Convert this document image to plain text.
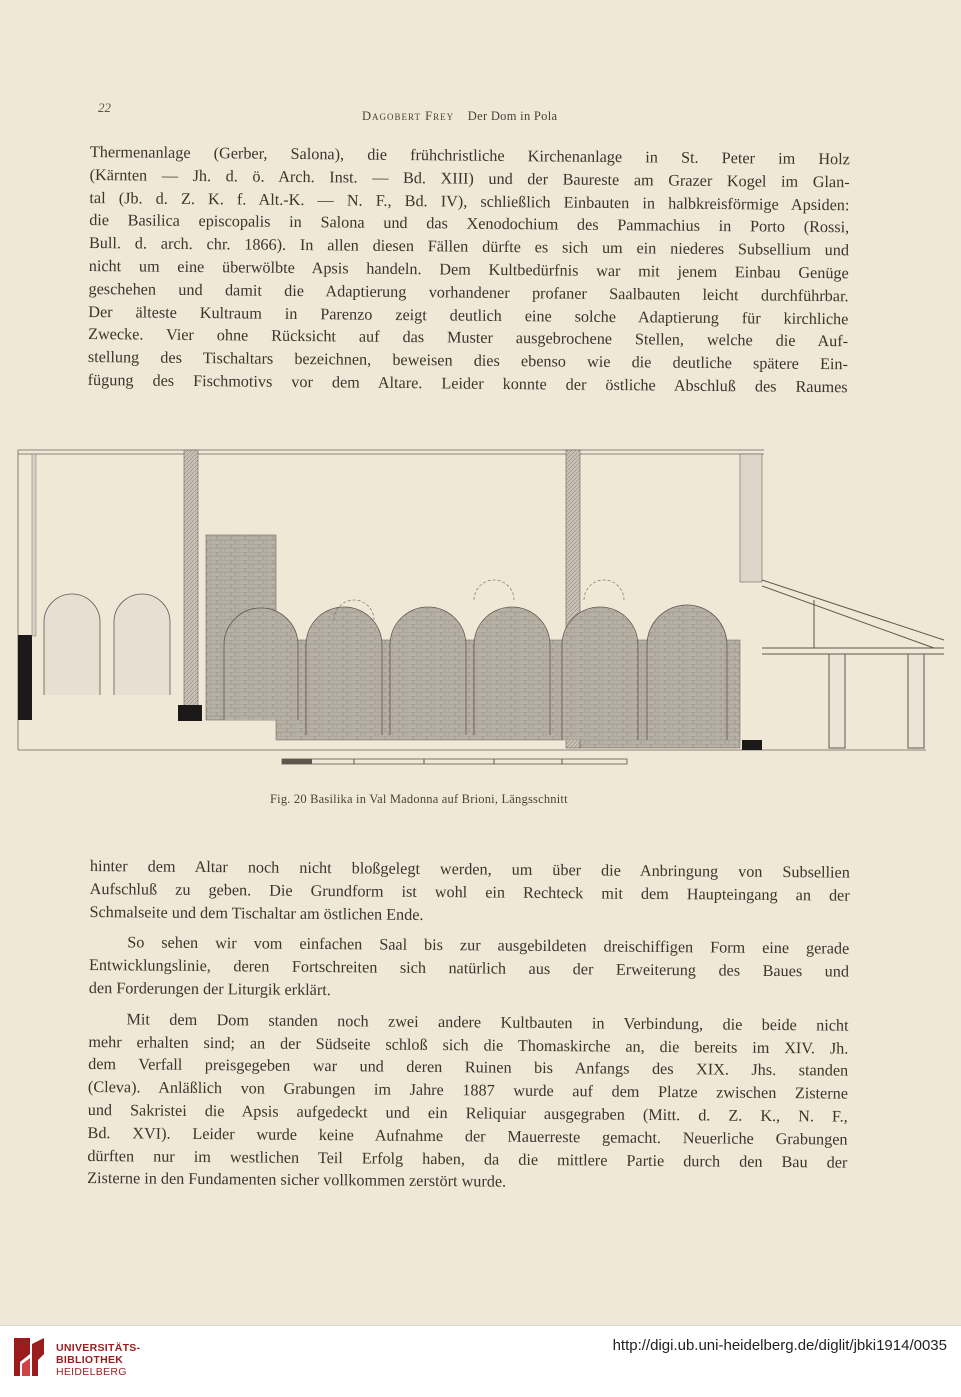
22
Dagobert Frey Der Dom in Pola
Thermenanlage (Gerber, Salona), die frühchristliche Kirchenanlage in St. Peter im Holz
(Kärnten — Jh. d. ö. Arch. Inst. — Bd. XIII) und der Baureste am Grazer Kogel im Glan-
tal (Jb. d. Z. K. f. Alt.-K. — N. F., Bd. IV), schließlich Einbauten in halbkreisförmige Apsiden:
die Basilica episcopalis in Salona und das Xenodochium des Pammachius in Porto (Rossi,
Bull. d. arch. chr. 1866). In allen diesen Fällen dürfte es sich um ein niederes Subsellium und
nicht um eine überwölbte Apsis handeln. Dem Kultbedürfnis war mit jenem Einbau Genüge
geschehen und damit die Adaptierung vorhandener profaner Saalbauten leicht durchführbar.
Der älteste Kultraum in Parenzo zeigt deutlich eine solche Adaptierung für kirchliche
Zwecke. Vier ohne Rücksicht auf das Muster ausgebrochene Stellen, welche die Auf-
stellung des Tischaltars bezeichnen, beweisen dies ebenso wie die deutliche spätere Ein-
fügung des Fischmotivs vor dem Altare. Leider konnte der östliche Abschluß des Raumes
Fig. 20 Basilika in Val Madonna auf Brioni, Längsschnitt
hinter dem Altar noch nicht bloßgelegt werden, um über die Anbringung von Subsellien
Aufschluß zu geben. Die Grundform ist wohl ein Rechteck mit dem Haupteingang an der
Schmalseite und dem Tischaltar am östlichen Ende.
So sehen wir vom einfachen Saal bis zur ausgebildeten dreischiffigen Form eine gerade
Entwicklungslinie, deren Fortschreiten sich natürlich aus der Erweiterung des Baues und
den Forderungen der Liturgik erklärt.
Mit dem Dom standen noch zwei andere Kultbauten in Verbindung, die beide nicht
mehr erhalten sind; an der Südseite schloß sich die Thomaskirche an, die bereits im XIV. Jh.
dem Verfall preisgegeben war und deren Ruinen bis Anfangs des XIX. Jhs. standen
(Cleva). Anläßlich von Grabungen im Jahre 1887 wurde auf dem Platze zwischen Zisterne
und Sakristei die Apsis aufgedeckt und ein Reliquiar ausgegraben (Mitt. d. Z. K., N. F.,
Bd. XVI). Leider wurde keine Aufnahme der Mauerreste gemacht. Neuerliche Grabungen
dürften nur im westlichen Teil Erfolg haben, da die mittlere Partie durch den Bau der
Zisterne in den Fundamenten sicher vollkommen zerstört wurde.
UNIVERSITÄTS-
BIBLIOTHEK
HEIDELBERG
http://digi.ub.uni-heidelberg.de/diglit/jbki1914/0035
